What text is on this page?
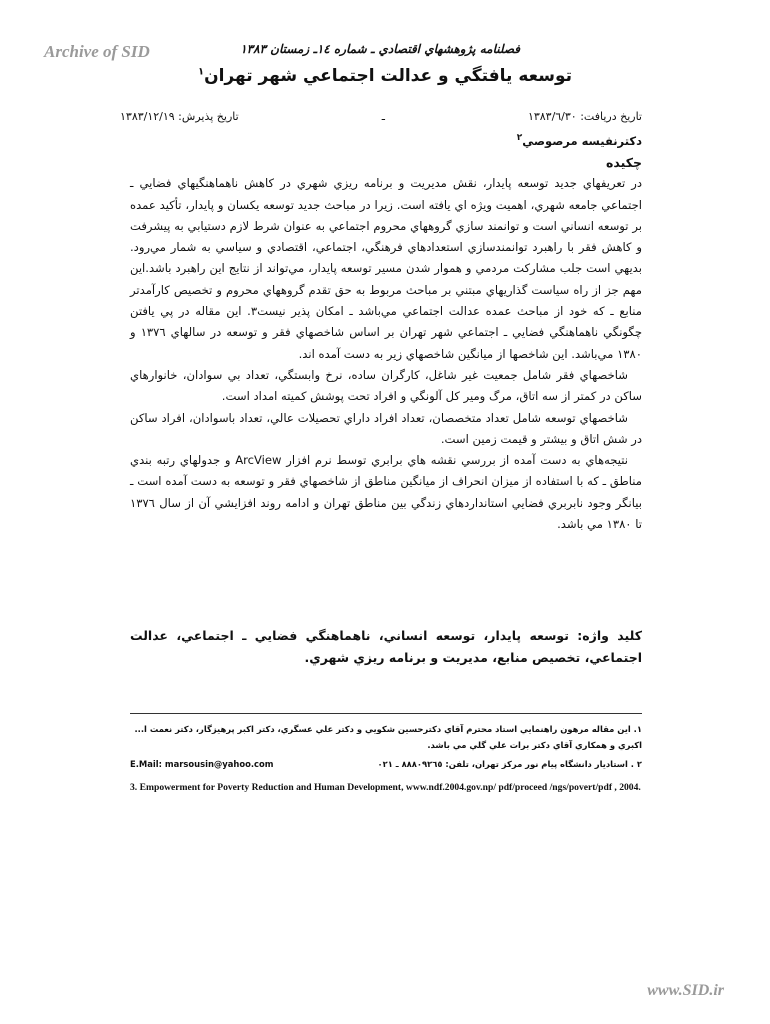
Archive of SID	فصلنامه پژوهشهاي اقتصادي ـ شماره ١٤ـ زمستان ١٣٨٣
توسعه يافتگي و عدالت اجتماعي شهر تهران$^١$
تاريخ دريافت: ١٣٨٣/٦/٣٠
ـ
تاريخ پذيرش: ١٣٨٣/١٢/١٩
دكترنفيسه مرصوصي$^٢$
چكيده

در تعريفهاي جديد توسعه پايدار، نقش مديريت و برنامه ريزي شهري در كاهش ناهماهنگيهاي فضايي ـ اجتماعي جامعه شهري، اهميت ويژه اي يافته است. زيرا در مباحث جديد توسعه يكسان و پايدار، تأكيد عمده بر توسعه انساني است و توانمند سازي گروههاي محروم اجتماعي به عنوان شرط لازم دستيابي به پيشرفت و كاهش فقر با راهبرد توانمندسازي استعدادهاي فرهنگي، اجتماعي، اقتصادي و سياسي به شمار مي‌رود. بديهي است جلب مشاركت مردمي و هموار شدن مسير توسعه پايدار، مي‌تواند از نتايج اين راهبرد باشد.اين مهم جز از راه سياست گذاريهاي مبتني بر مباحث مربوط به حق تقدم گروههاي محروم و تخصيص كارآمدتر منابع ـ كه خود از مباحث عمده عدالت اجتماعي مي‌باشد ـ امكان پذير نيست٣. اين مقاله در پي يافتن چگونگي ناهماهنگي فضايي ـ اجتماعي شهر تهران بر اساس شاخصهاي فقر و توسعه در سالهاي ١٣٧٦ و ١٣٨٠ مي‌باشد. اين شاخصها از ميانگين شاخصهاي زير به دست آمده اند.

شاخصهاي فقر شامل جمعيت غير شاغل، كارگران ساده، نرخ وابستگي، تعداد بي سوادان، خانوارهاي ساكن در كمتر از سه اتاق، مرگ ومير كل آلونگي و افراد تحت پوشش كميته امداد است.

شاخصهاي توسعه شامل تعداد متخصصان، تعداد افراد داراي تحصيلات عالي، تعداد باسوادان، افراد ساكن در شش اتاق و بيشتر و قيمت زمين است.

نتيجه‌هاي به دست آمده از بررسي نقشه هاي برابري توسط نرم افزار ArcView و جدولهاي رتبه بندي مناطق ـ كه با استفاده از ميزان انحراف از ميانگين مناطق از شاخصهاي فقر و توسعه به دست آمده است ـ بيانگر وجود نابربري فضايي استانداردهاي زندگي بين مناطق تهران و ادامه روند افزايشي آن از سال ١٣٧٦ تا ١٣٨٠ مي باشد.

كليد واژه: توسعه پايدار، توسعه انساني، ناهماهنگي فضايي ـ اجتماعي، عدالت اجتماعي، تخصيص منابع، مديريت و برنامه ريزي شهري.
١. اين مقاله مرهون راهنمايي استاد محترم آقاي دكترحسين شكويي و دكتر علي عسگري، دكتر اكبر پرهيزگار، دكتر نعمت ا... اكبري و همكاري آقاي دكتر برات علي گلي مي باشد.
E.Mail: marsousin@yahoo.com	٢ . استاديار دانشگاه پيام نور مركز تهران، تلفن: ٨٨٨٠٩٢٦٥ ـ ٠٢١
3. Empowerment for Poverty Reduction and Human Development, www.ndf.2004.gov.np/ pdf/proceed /ngs/povert/pdf , 2004.
www.SID.ir
